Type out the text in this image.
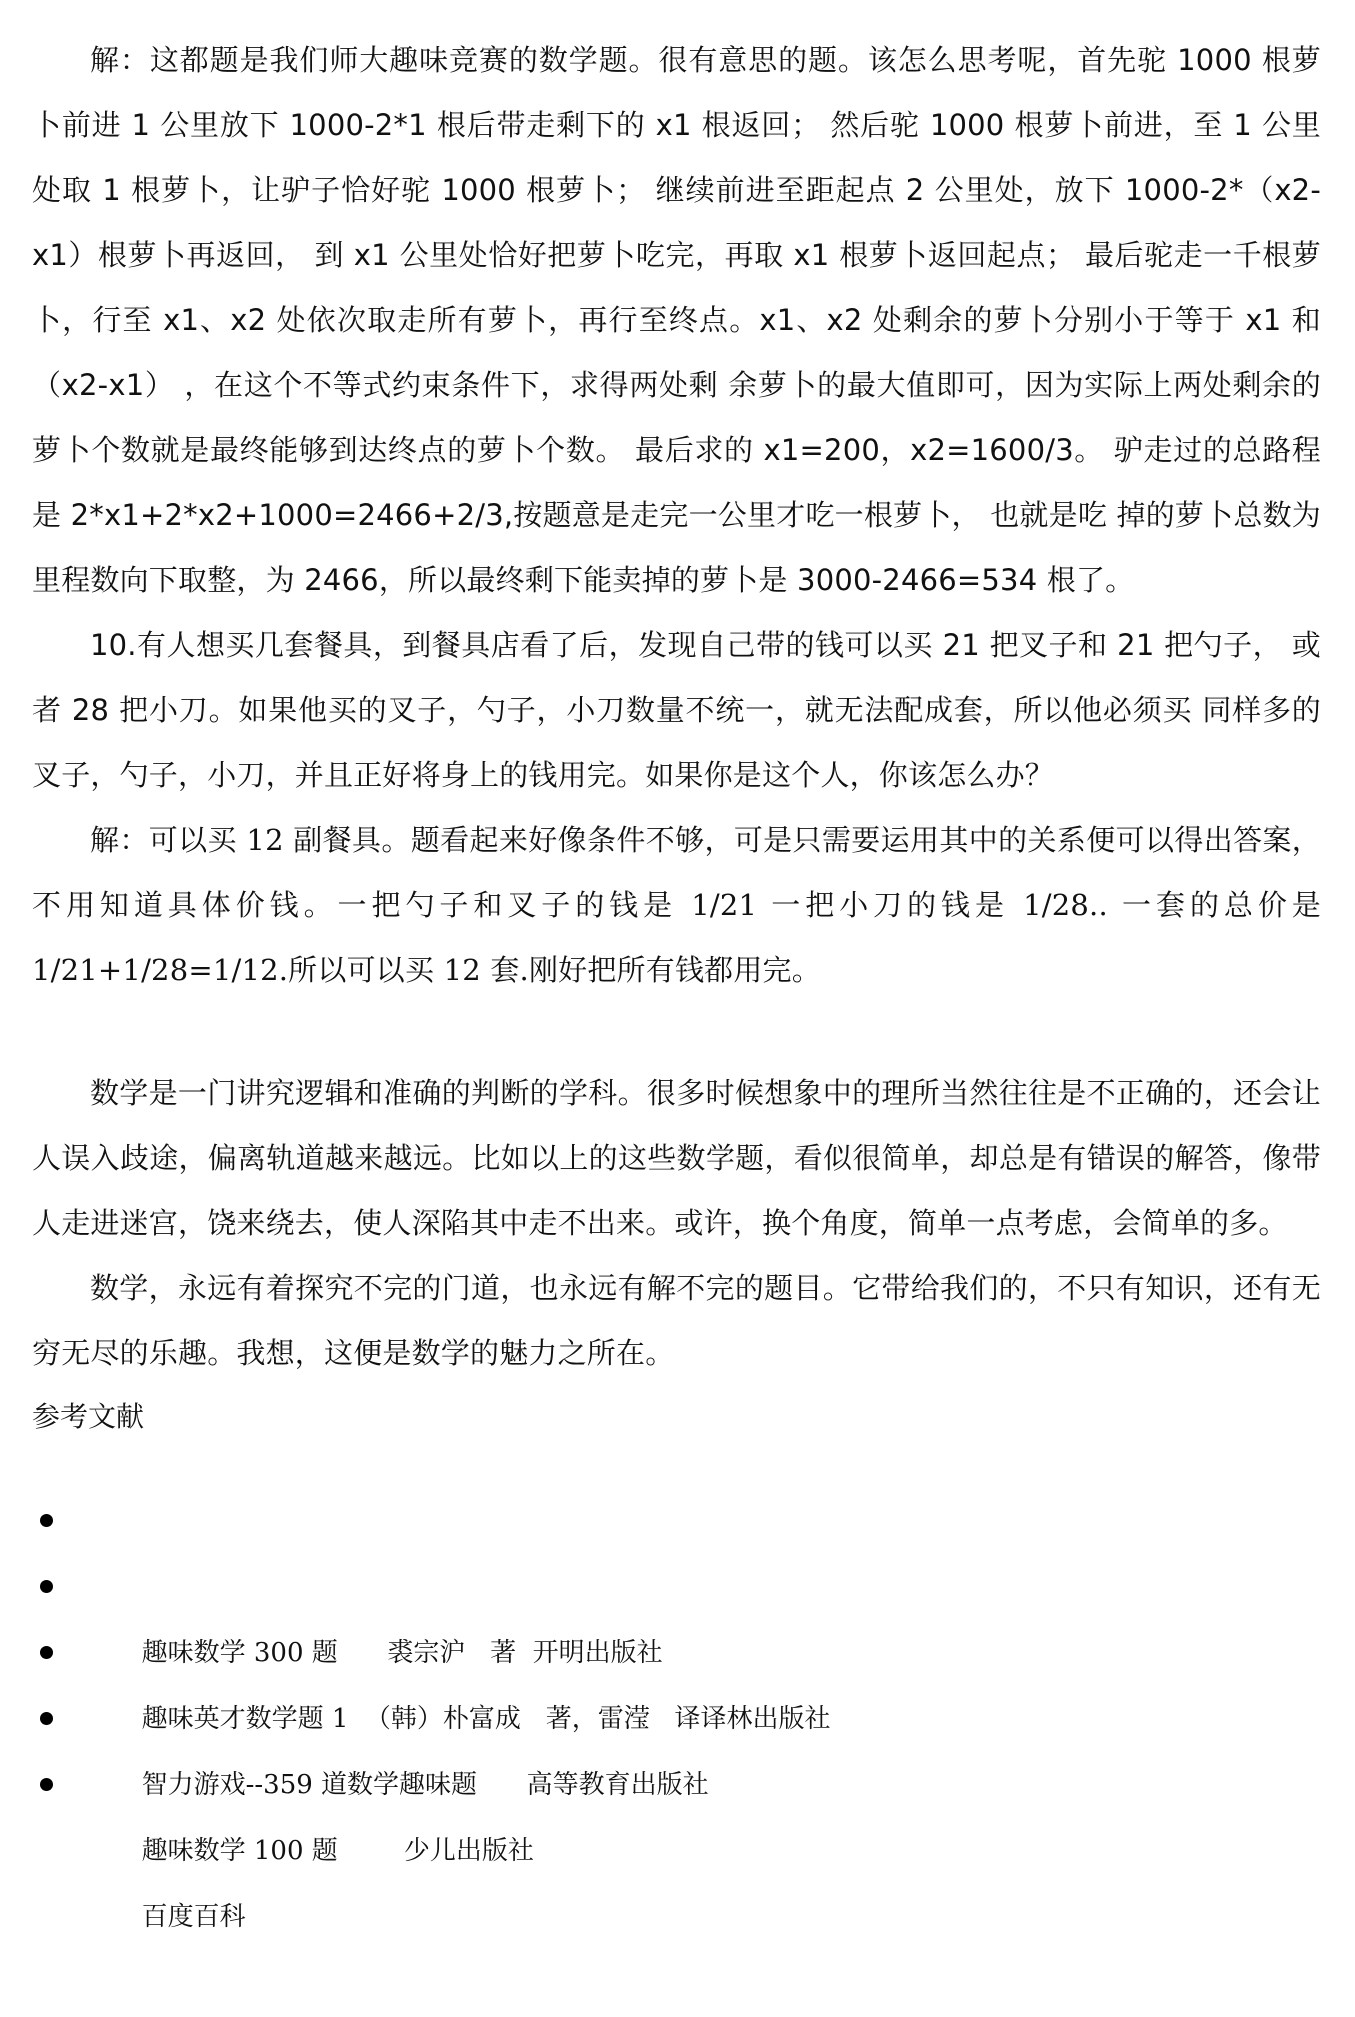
解：这都题是我们师大趣味竞赛的数学题。很有意思的题。该怎么思考呢，首先驼 1000 根萝卜前进 1 公里放下 1000-2*1 根后带走剩下的 x1 根返回； 然后驼 1000 根萝卜前进，至 1 公里处取 1 根萝卜，让驴子恰好驼 1000 根萝卜； 继续前进至距起点 2 公里处，放下 1000-2*（x2-x1）根萝卜再返回， 到 x1 公里处恰好把萝卜吃完，再取 x1 根萝卜返回起点； 最后驼走一千根萝卜，行至 x1、x2 处依次取走所有萝卜，再行至终点。x1、x2 处剩余的萝卜分别小于等于 x1 和（x2-x1） ，在这个不等式约束条件下，求得两处剩 余萝卜的最大值即可，因为实际上两处剩余的萝卜个数就是最终能够到达终点的萝卜个数。 最后求的 x1=200，x2=1600/3。 驴走过的总路程是 2*x1+2*x2+1000=2466+2/3,按题意是走完一公里才吃一根萝卜， 也就是吃 掉的萝卜总数为里程数向下取整，为 2466，所以最终剩下能卖掉的萝卜是 3000-2466=534 根了。

10.有人想买几套餐具，到餐具店看了后，发现自己带的钱可以买 21 把叉子和 21 把勺子， 或者 28 把小刀。如果他买的叉子，勺子，小刀数量不统一，就无法配成套，所以他必须买 同样多的叉子，勺子，小刀，并且正好将身上的钱用完。如果你是这个人，你该怎么办？

解：可以买 12 副餐具。题看起来好像条件不够，可是只需要运用其中的关系便可以得出答案，不用知道具体价钱。一把勺子和叉子的钱是 1/21 一把小刀的钱是 1/28.. 一套的总价是 1/21+1/28=1/12.所以可以买 12 套.刚好把所有钱都用完。

数学是一门讲究逻辑和准确的判断的学科。很多时候想象中的理所当然往往是不正确的，还会让人误入歧途，偏离轨道越来越远。比如以上的这些数学题，看似很简单，却总是有错误的解答，像带人走进迷宫，饶来绕去，使人深陷其中走不出来。或许，换个角度，简单一点考虑，会简单的多。

数学，永远有着探究不完的门道，也永远有解不完的题目。它带给我们的，不只有知识，还有无穷无尽的乐趣。我想，这便是数学的魅力之所在。

参考文献

趣味数学 300 题      裘宗沪   著  开明出版社

趣味英才数学题 1  （韩）朴富成   著，雷滢   译译林出版社

智力游戏--359 道数学趣味题      高等教育出版社

趣味数学 100 题        少儿出版社

百度百科
